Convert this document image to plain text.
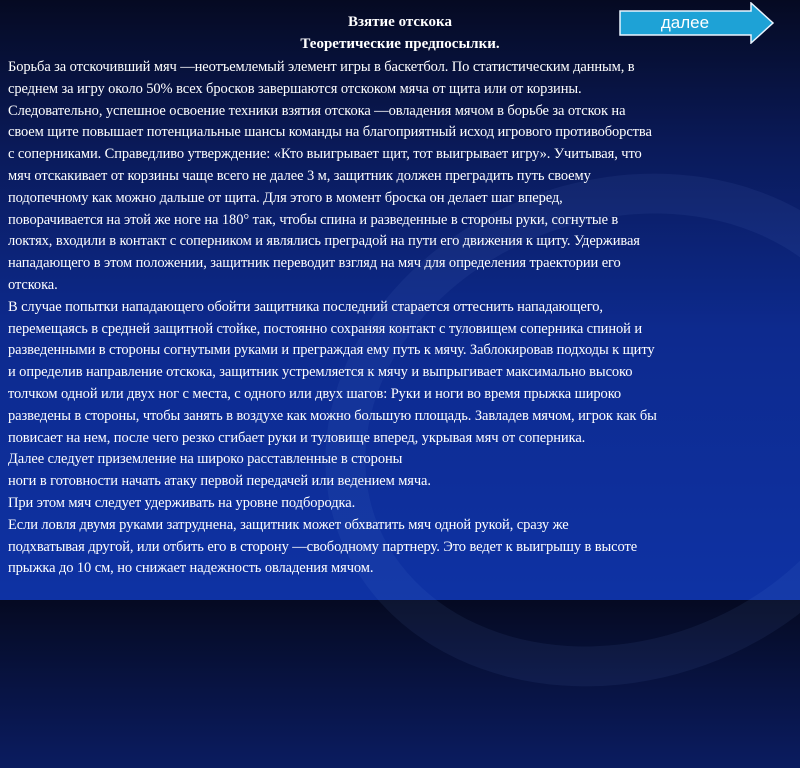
Взятие отскока
Теоретические предпосылки.
далее
Борьба за отскочивший мяч —неотъемлемый элемент игры в баскетбол. По статистическим данным, в
среднем за игру около 50% всех бросков завершаются отскоком мяча от щита или от корзины.
Следовательно, успешное освоение техники взятия отскока —овладения мячом в борьбе за отскок на
своем щите повышает потенциальные шансы команды на благоприятный исход игрового противоборства
с соперниками. Справедливо утверждение: «Кто выигрывает щит, тот выигрывает игру». Учитывая, что
мяч отскакивает от корзины чаще всего не далее 3 м, защитник должен преградить путь своему
подопечному как можно дальше от щита. Для этого в момент броска он делает шаг вперед,
поворачивается на этой же ноге на 180° так, чтобы спина и разведенные в стороны руки, согнутые в
локтях, входили в контакт с соперником и являлись преградой на пути его движения к щиту. Удерживая
нападающего в этом положении, защитник переводит взгляд на мяч для определения траектории его
отскока.
В случае попытки нападающего обойти защитника последний старается оттеснить нападающего,
перемещаясь в средней защитной стойке, постоянно сохраняя контакт с туловищем соперника спиной и
разведенными в стороны согнутыми руками и преграждая ему путь к мячу. Заблокировав подходы к щиту
и определив направление отскока, защитник устремляется к мячу и выпрыгивает максимально высоко
толчком одной или двух ног с места, с одного или двух шагов: Руки и ноги во время прыжка широко
разведены в стороны, чтобы занять в воздухе как можно большую площадь. Завладев мячом, игрок как бы
повисает на нем, после чего резко сгибает руки и туловище вперед, укрывая мяч от соперника.
Далее следует приземление на широко расставленные в стороны
ноги в готовности начать атаку первой передачей или ведением мяча.
При этом мяч следует удерживать на уровне подбородка.
Если ловля двумя руками затруднена, защитник может обхватить мяч одной рукой, сразу же
подхватывая другой, или отбить его в сторону —свободному партнеру. Это ведет к выигрышу в высоте
прыжка до 10 см, но снижает надежность овладения мячом.
